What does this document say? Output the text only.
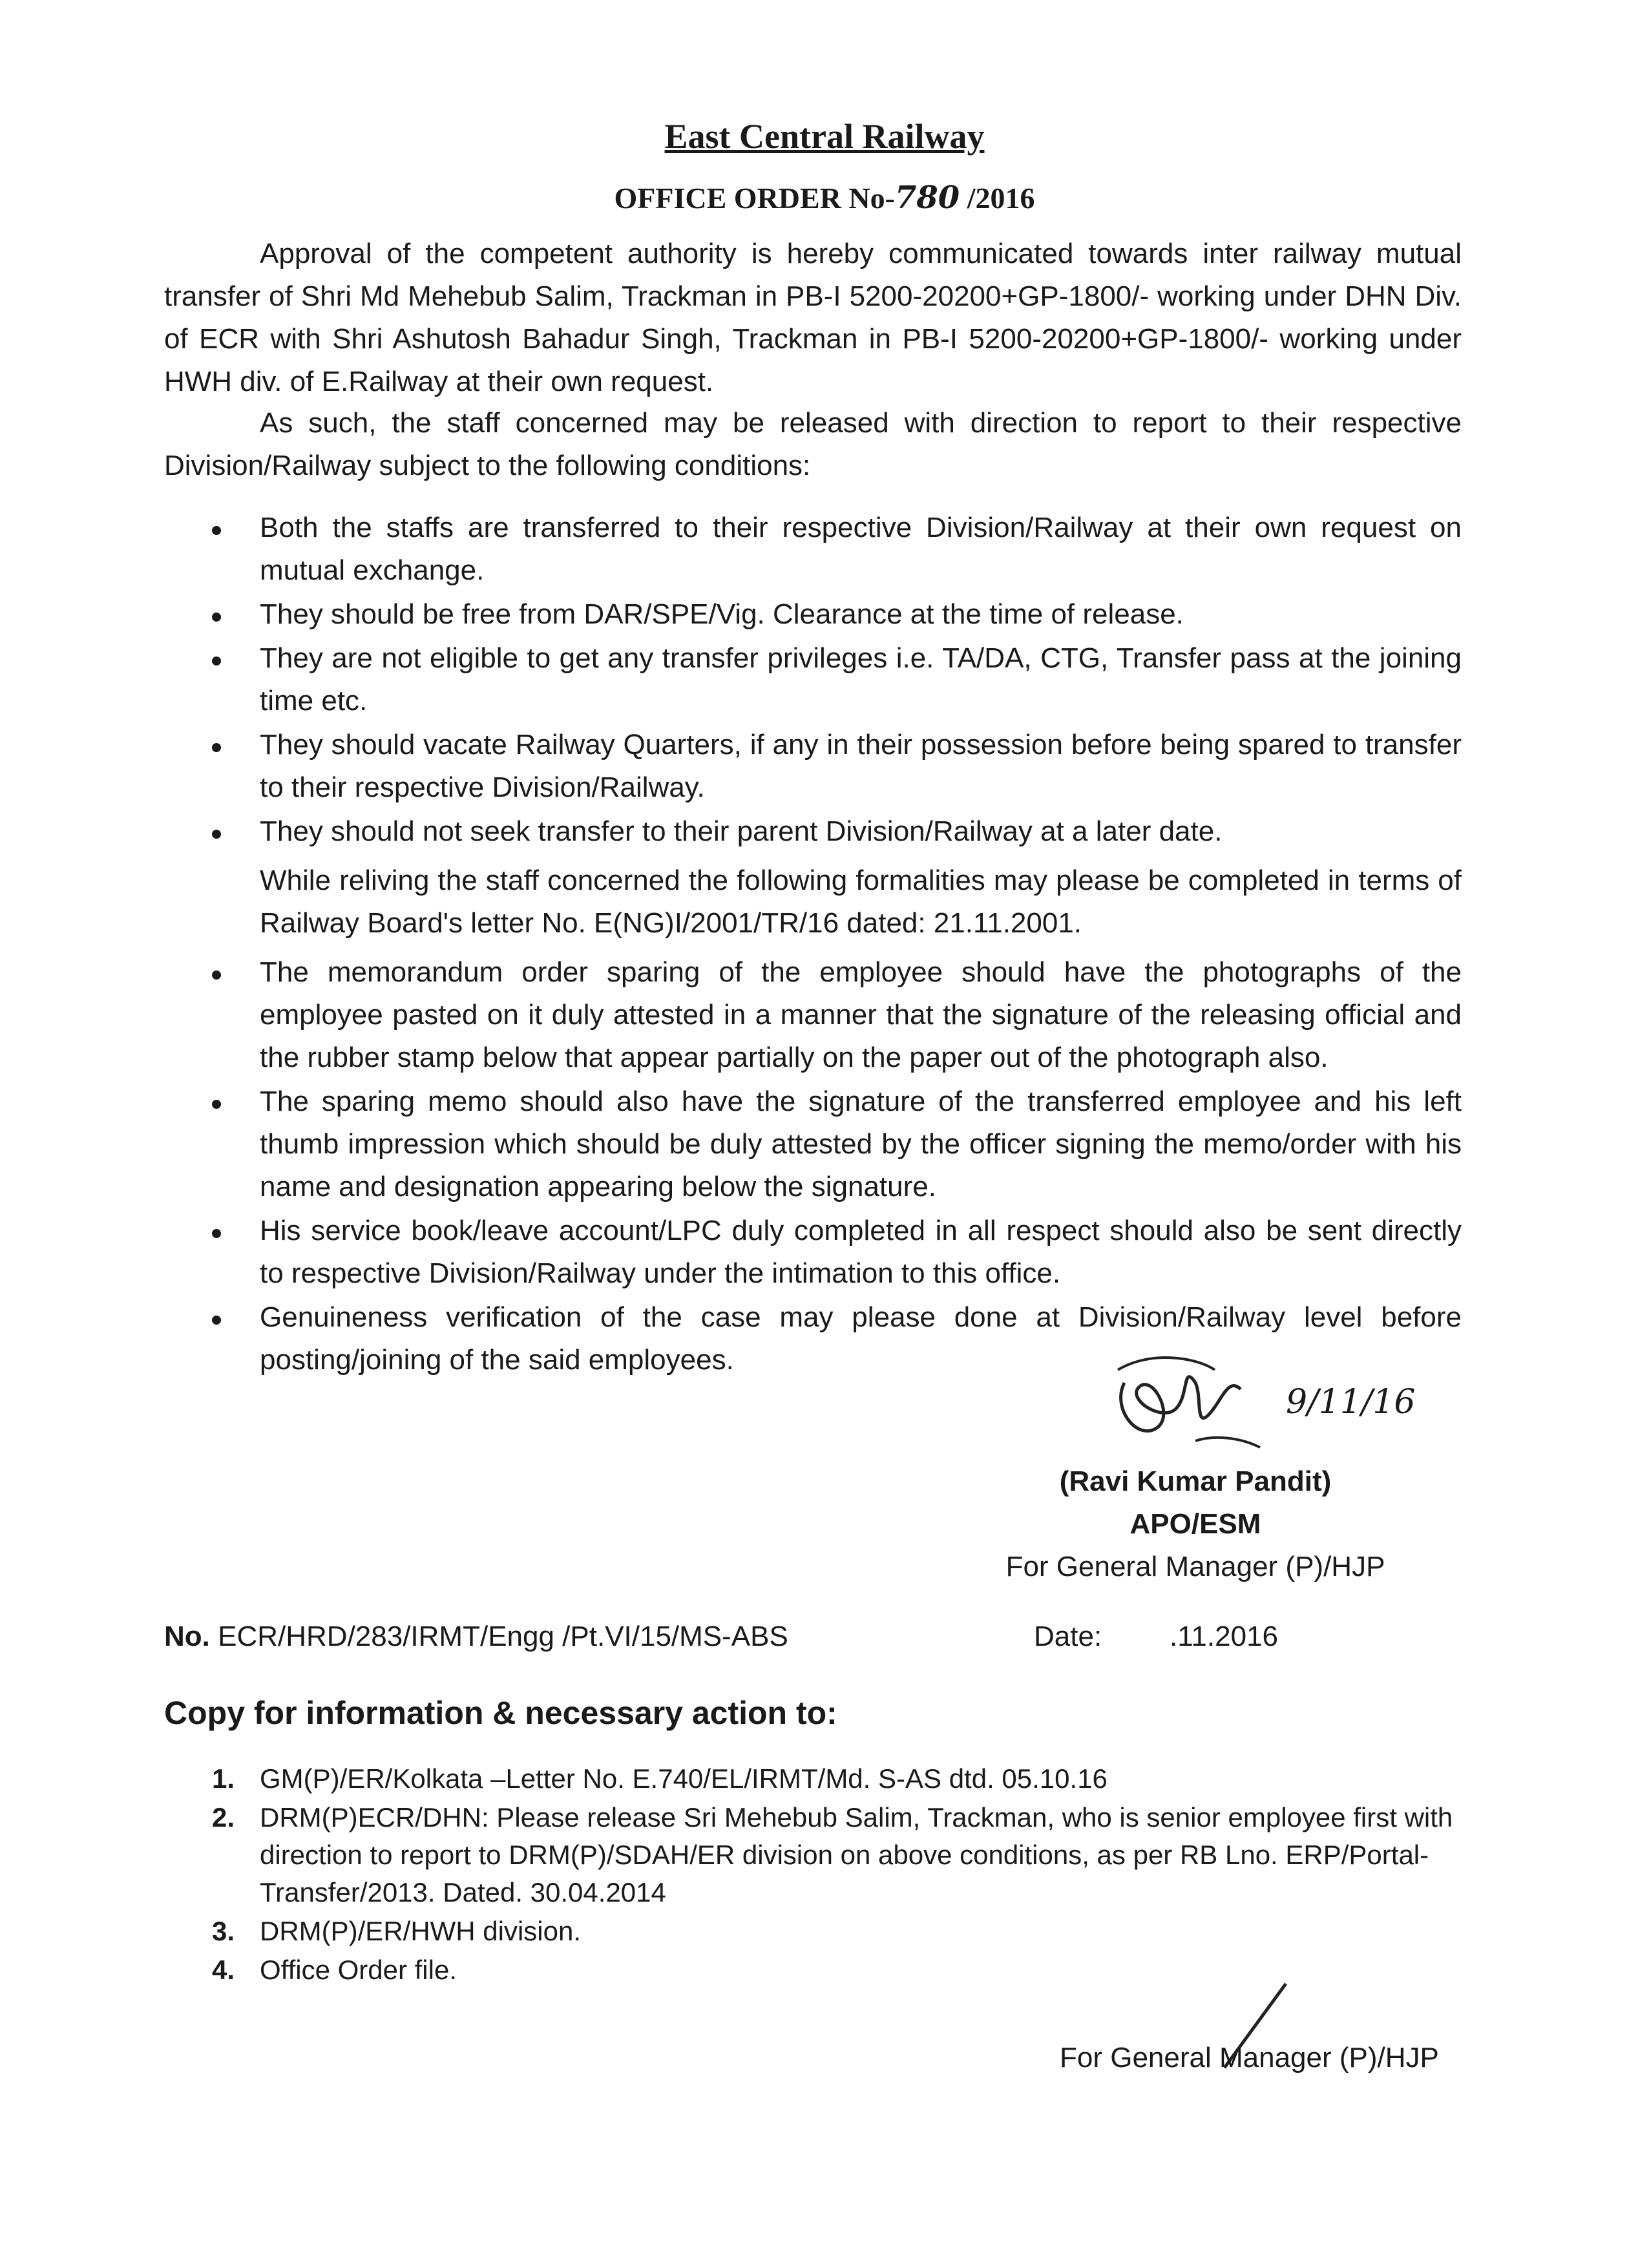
East Central Railway
OFFICE ORDER No-780 /2016

Approval of the competent authority is hereby communicated towards inter railway mutual transfer of Shri Md Mehebub Salim, Trackman in PB-I 5200-20200+GP-1800/- working under DHN Div. of ECR with Shri Ashutosh Bahadur Singh, Trackman in PB-I 5200-20200+GP-1800/- working under HWH div. of E.Railway at their own request.

As such, the staff concerned may be released with direction to report to their respective Division/Railway subject to the following conditions:

Both the staffs are transferred to their respective Division/Railway at their own request on mutual exchange.
They should be free from DAR/SPE/Vig. Clearance at the time of release.
They are not eligible to get any transfer privileges i.e. TA/DA, CTG, Transfer pass at the joining time etc.
They should vacate Railway Quarters, if any in their possession before being spared to transfer to their respective Division/Railway.
They should not seek transfer to their parent Division/Railway at a later date.

While reliving the staff concerned the following formalities may please be completed in terms of Railway Board's letter No. E(NG)I/2001/TR/16 dated: 21.11.2001.

The memorandum order sparing of the employee should have the photographs of the employee pasted on it duly attested in a manner that the signature of the releasing official and the rubber stamp below that appear partially on the paper out of the photograph also.
The sparing memo should also have the signature of the transferred employee and his left thumb impression which should be duly attested by the officer signing the memo/order with his name and designation appearing below the signature.
His service book/leave account/LPC duly completed in all respect should also be sent directly to respective Division/Railway under the intimation to this office.
Genuineness verification of the case may please done at Division/Railway level before posting/joining of the said employees.
9/11/16
(Ravi Kumar Pandit)
APO/ESM
For General Manager (P)/HJP
No. ECR/HRD/283/IRMT/Engg /Pt.VI/15/MS-ABS	Date: .11.2016
Copy for information & necessary action to:
1. GM(P)/ER/Kolkata –Letter No. E.740/EL/IRMT/Md. S-AS dtd. 05.10.16
2. DRM(P)ECR/DHN: Please release Sri Mehebub Salim, Trackman, who is senior employee first with direction to report to DRM(P)/SDAH/ER division on above conditions, as per RB Lno. ERP/Portal-Transfer/2013. Dated. 30.04.2014
3. DRM(P)/ER/HWH division.
4. Office Order file.
For General Manager (P)/HJP
